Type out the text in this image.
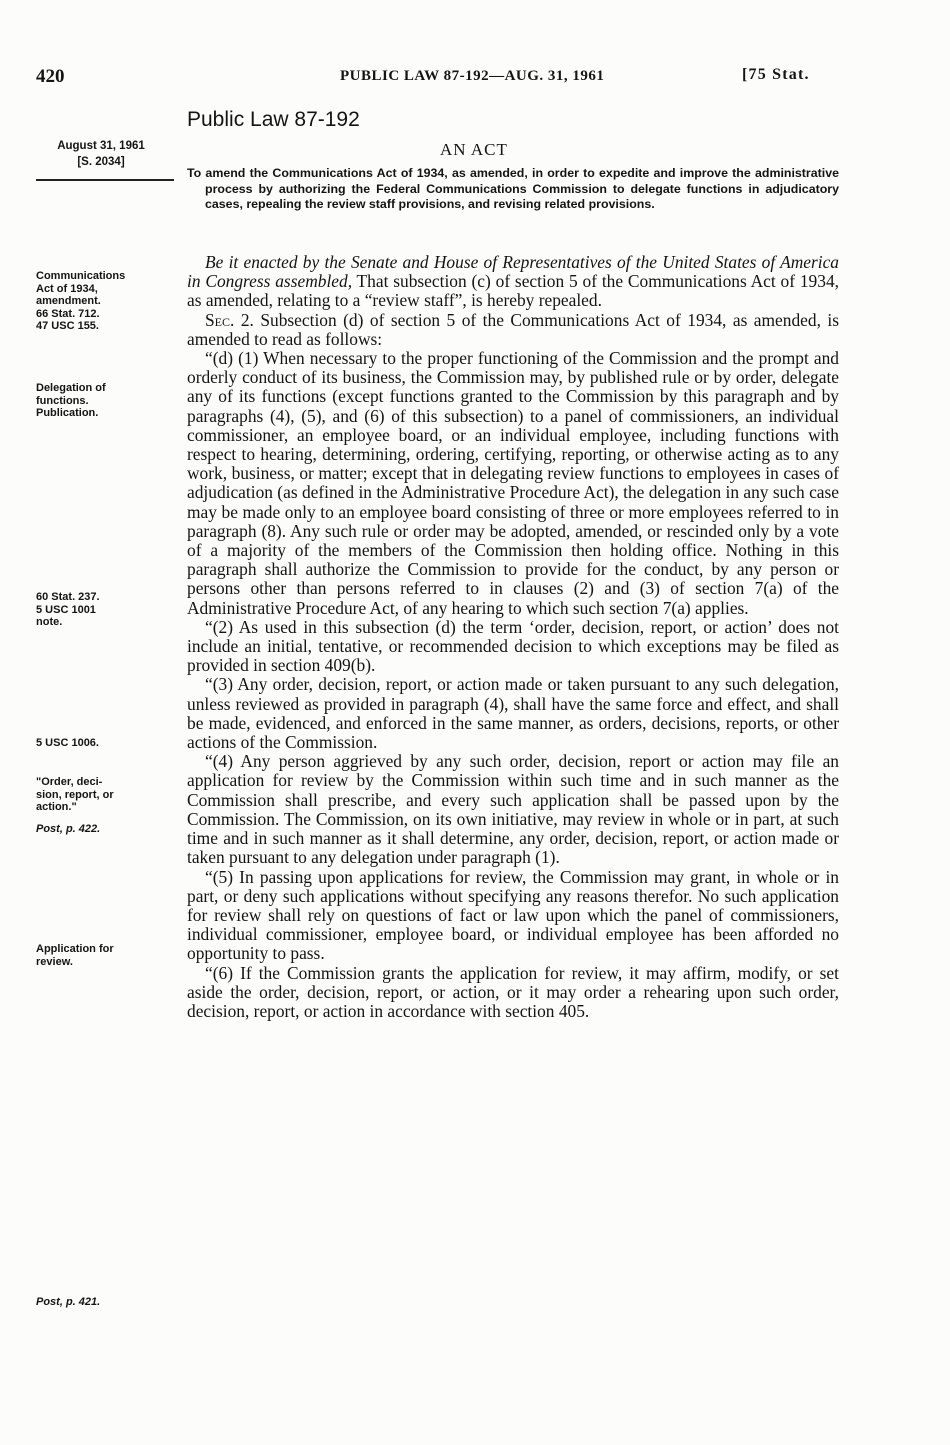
420	PUBLIC LAW 87-192—AUG. 31, 1961	[75 Stat.
Public Law 87-192
AN ACT
August 31, 1961
[S. 2034]

To amend the Communications Act of 1934, as amended, in order to expedite and improve the administrative process by authorizing the Federal Communications Commission to delegate functions in adjudicatory cases, repealing the review staff provisions, and revising related provisions.

Communications
Act of 1934,
amendment.
66 Stat. 712.
47 USC 155.
Delegation of
functions.
Publication.
60 Stat. 237.
5 USC 1001
note.
5 USC 1006.
"Order, deci-
sion, report, or
action."
Post, p. 422.
Application for
review.
Post, p. 421.

Be it enacted by the Senate and House of Representatives of the United States of America in Congress assembled, That subsection (c) of section 5 of the Communications Act of 1934, as amended, relating to a “review staff”, is hereby repealed.

Sec. 2. Subsection (d) of section 5 of the Communications Act of 1934, as amended, is amended to read as follows:

“(d) (1) When necessary to the proper functioning of the Commission and the prompt and orderly conduct of its business, the Commission may, by published rule or by order, delegate any of its functions (except functions granted to the Commission by this paragraph and by paragraphs (4), (5), and (6) of this subsection) to a panel of commissioners, an individual commissioner, an employee board, or an individual employee, including functions with respect to hearing, determining, ordering, certifying, reporting, or otherwise acting as to any work, business, or matter; except that in delegating review functions to employees in cases of adjudication (as defined in the Administrative Procedure Act), the delegation in any such case may be made only to an employee board consisting of three or more employees referred to in paragraph (8). Any such rule or order may be adopted, amended, or rescinded only by a vote of a majority of the members of the Commission then holding office. Nothing in this paragraph shall authorize the Commission to provide for the conduct, by any person or persons other than persons referred to in clauses (2) and (3) of section 7(a) of the Administrative Procedure Act, of any hearing to which such section 7(a) applies.

“(2) As used in this subsection (d) the term ‘order, decision, report, or action’ does not include an initial, tentative, or recommended decision to which exceptions may be filed as provided in section 409(b).

“(3) Any order, decision, report, or action made or taken pursuant to any such delegation, unless reviewed as provided in paragraph (4), shall have the same force and effect, and shall be made, evidenced, and enforced in the same manner, as orders, decisions, reports, or other actions of the Commission.

“(4) Any person aggrieved by any such order, decision, report or action may file an application for review by the Commission within such time and in such manner as the Commission shall prescribe, and every such application shall be passed upon by the Commission. The Commission, on its own initiative, may review in whole or in part, at such time and in such manner as it shall determine, any order, decision, report, or action made or taken pursuant to any delegation under paragraph (1).

“(5) In passing upon applications for review, the Commission may grant, in whole or in part, or deny such applications without specifying any reasons therefor. No such application for review shall rely on questions of fact or law upon which the panel of commissioners, individual commissioner, employee board, or individual employee has been afforded no opportunity to pass.

“(6) If the Commission grants the application for review, it may affirm, modify, or set aside the order, decision, report, or action, or it may order a rehearing upon such order, decision, report, or action in accordance with section 405.
